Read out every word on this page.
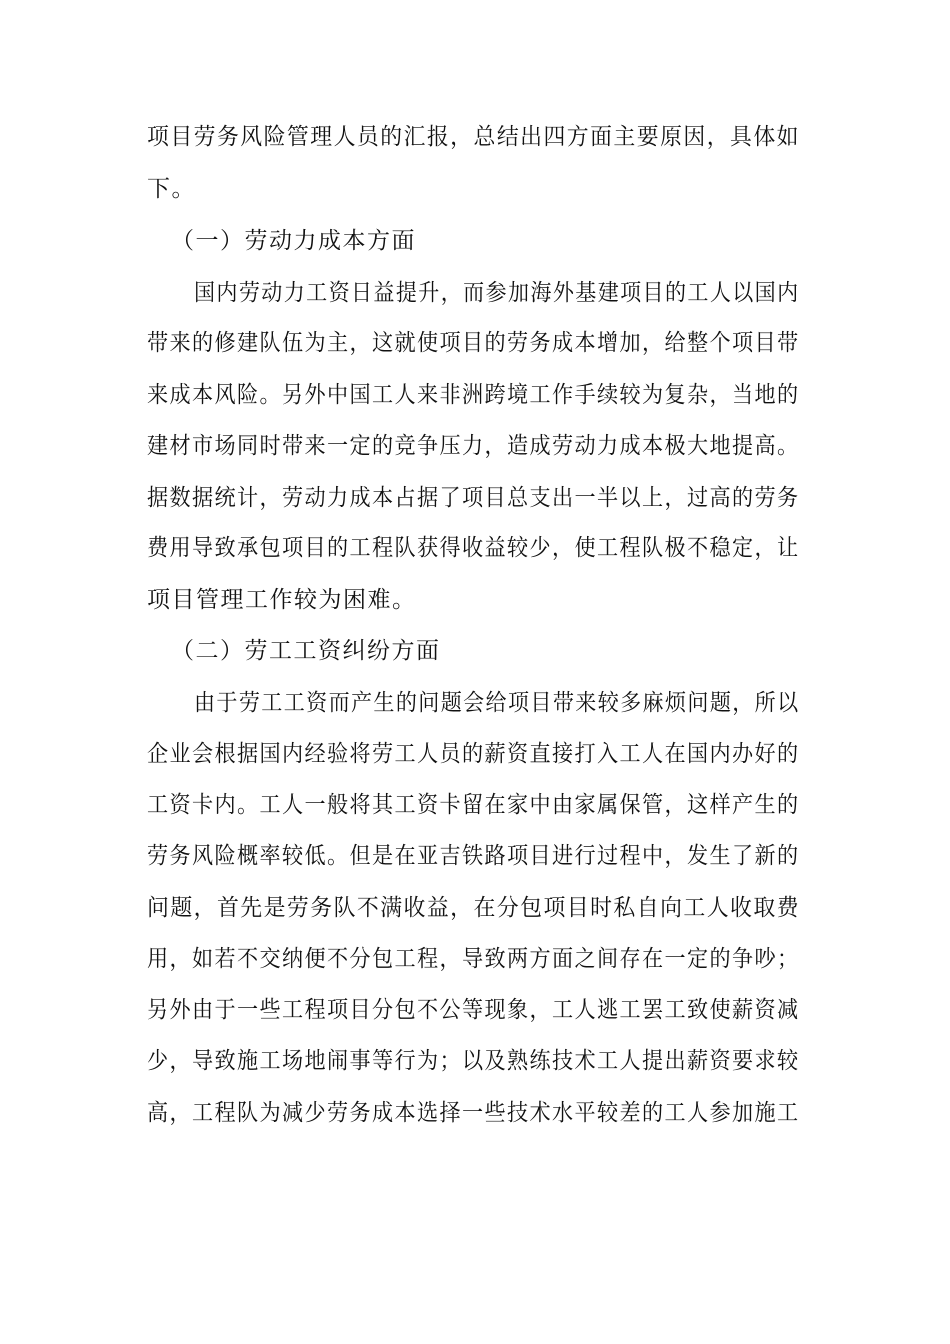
项目劳务风险管理人员的汇报，总结出四方面主要原因，具体如
下。
（一）劳动力成本方面
国内劳动力工资日益提升，而参加海外基建项目的工人以国内
带来的修建队伍为主，这就使项目的劳务成本增加，给整个项目带
来成本风险。另外中国工人来非洲跨境工作手续较为复杂，当地的
建材市场同时带来一定的竞争压力，造成劳动力成本极大地提高。
据数据统计，劳动力成本占据了项目总支出一半以上，过高的劳务
费用导致承包项目的工程队获得收益较少，使工程队极不稳定，让
项目管理工作较为困难。
（二）劳工工资纠纷方面
由于劳工工资而产生的问题会给项目带来较多麻烦问题，所以
企业会根据国内经验将劳工人员的薪资直接打入工人在国内办好的
工资卡内。工人一般将其工资卡留在家中由家属保管，这样产生的
劳务风险概率较低。但是在亚吉铁路项目进行过程中，发生了新的
问题，首先是劳务队不满收益，在分包项目时私自向工人收取费
用，如若不交纳便不分包工程，导致两方面之间存在一定的争吵；
另外由于一些工程项目分包不公等现象，工人逃工罢工致使薪资减
少，导致施工场地闹事等行为；以及熟练技术工人提出薪资要求较
高，工程队为减少劳务成本选择一些技术水平较差的工人参加施工
